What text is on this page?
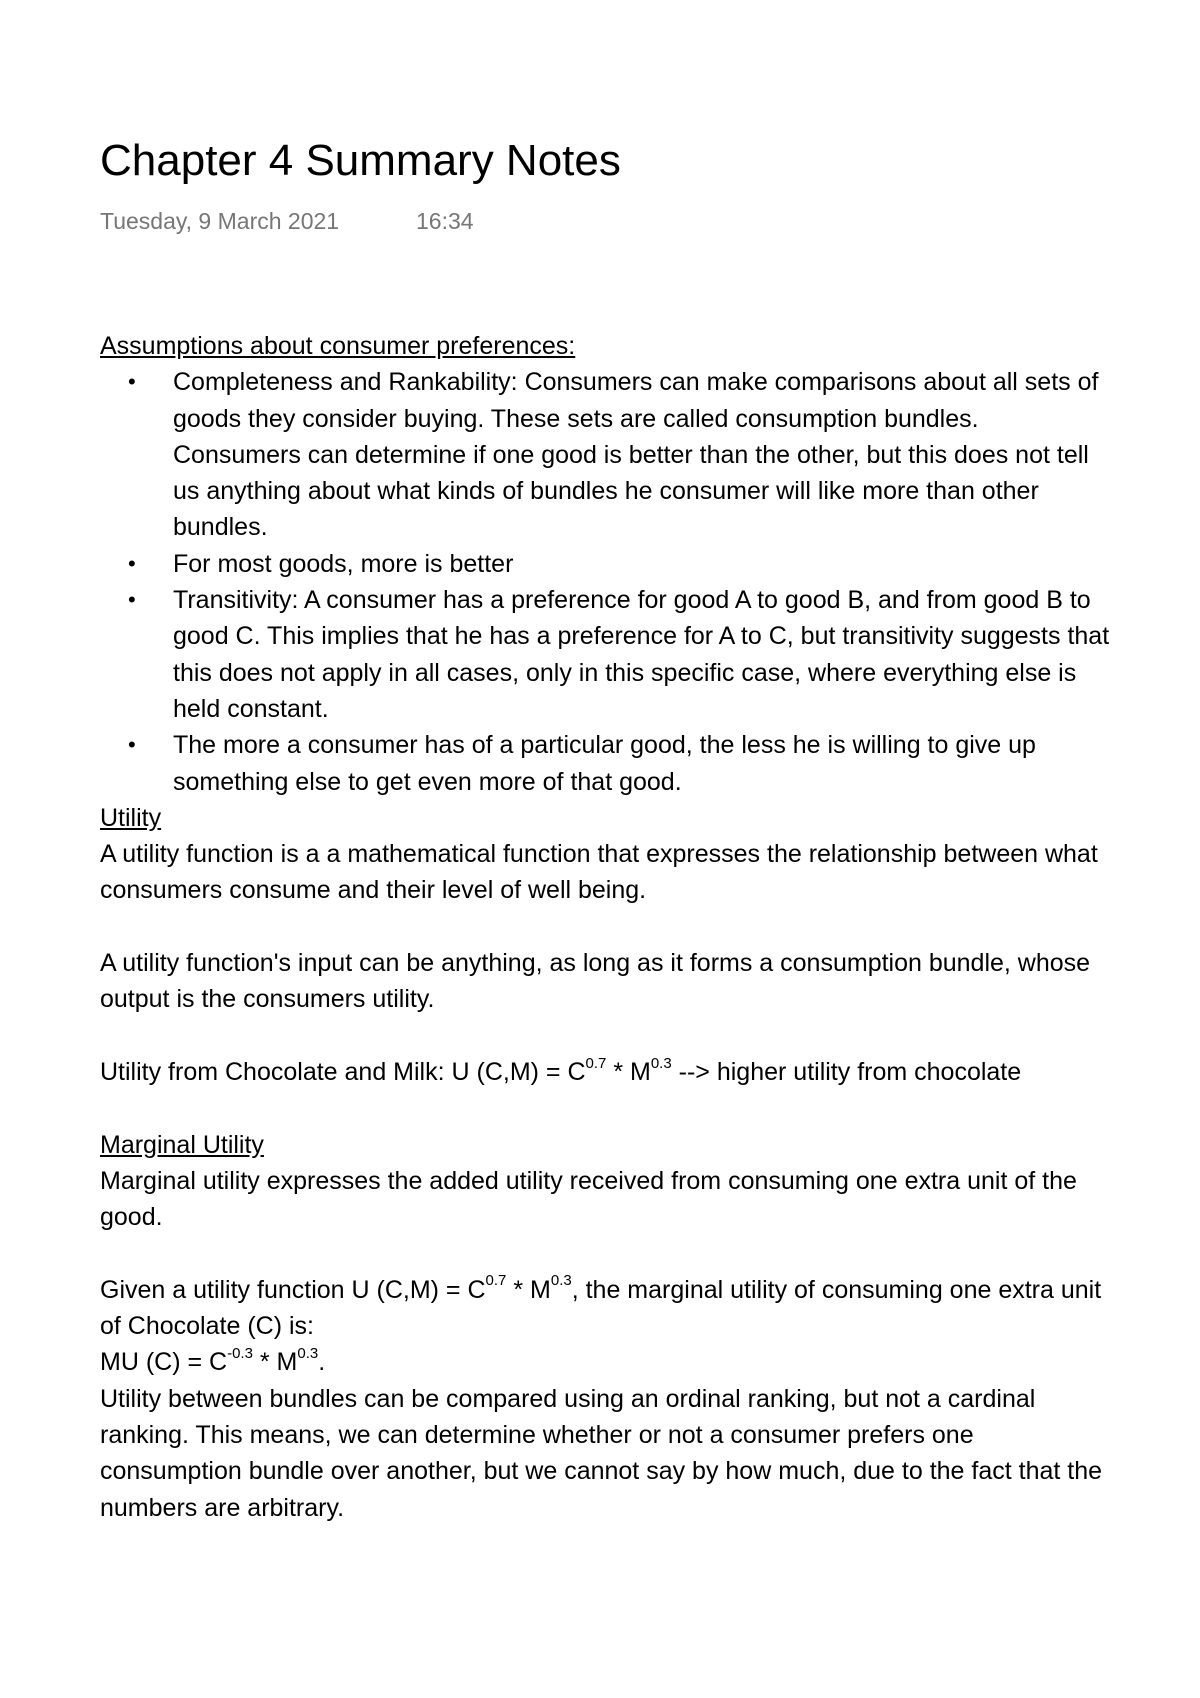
Chapter 4 Summary Notes
Tuesday, 9 March 2021	16:34
Assumptions about consumer preferences:
• Completeness and Rankability: Consumers can make comparisons about all sets of goods they consider buying. These sets are called consumption bundles. Consumers can determine if one good is better than the other, but this does not tell us anything about what kinds of bundles he consumer will like more than other bundles.
• For most goods, more is better
• Transitivity: A consumer has a preference for good A to good B, and from good B to good C. This implies that he has a preference for A to C, but transitivity suggests that this does not apply in all cases, only in this specific case, where everything else is held constant.
• The more a consumer has of a particular good, the less he is willing to give up something else to get even more of that good.
Utility

A utility function is a a mathematical function that expresses the relationship between what consumers consume and their level of well being.

A utility function's input can be anything, as long as it forms a consumption bundle, whose output is the consumers utility.

Utility from Chocolate and Milk: U $(C,M) = C^{0.7} * M^{0.3}$ --> higher utility from chocolate

Marginal Utility

Marginal utility expresses the added utility received from consuming one extra unit of the good.

Given a utility function U $(C,M) = C^{0.7} * M^{0.3}$, the marginal utility of consuming one extra unit of Chocolate (C) is:

MU $(C) = C^{-0.3} * M^{0.3}$.

Utility between bundles can be compared using an ordinal ranking, but not a cardinal ranking. This means, we can determine whether or not a consumer prefers one consumption bundle over another, but we cannot say by how much, due to the fact that the numbers are arbitrary.
